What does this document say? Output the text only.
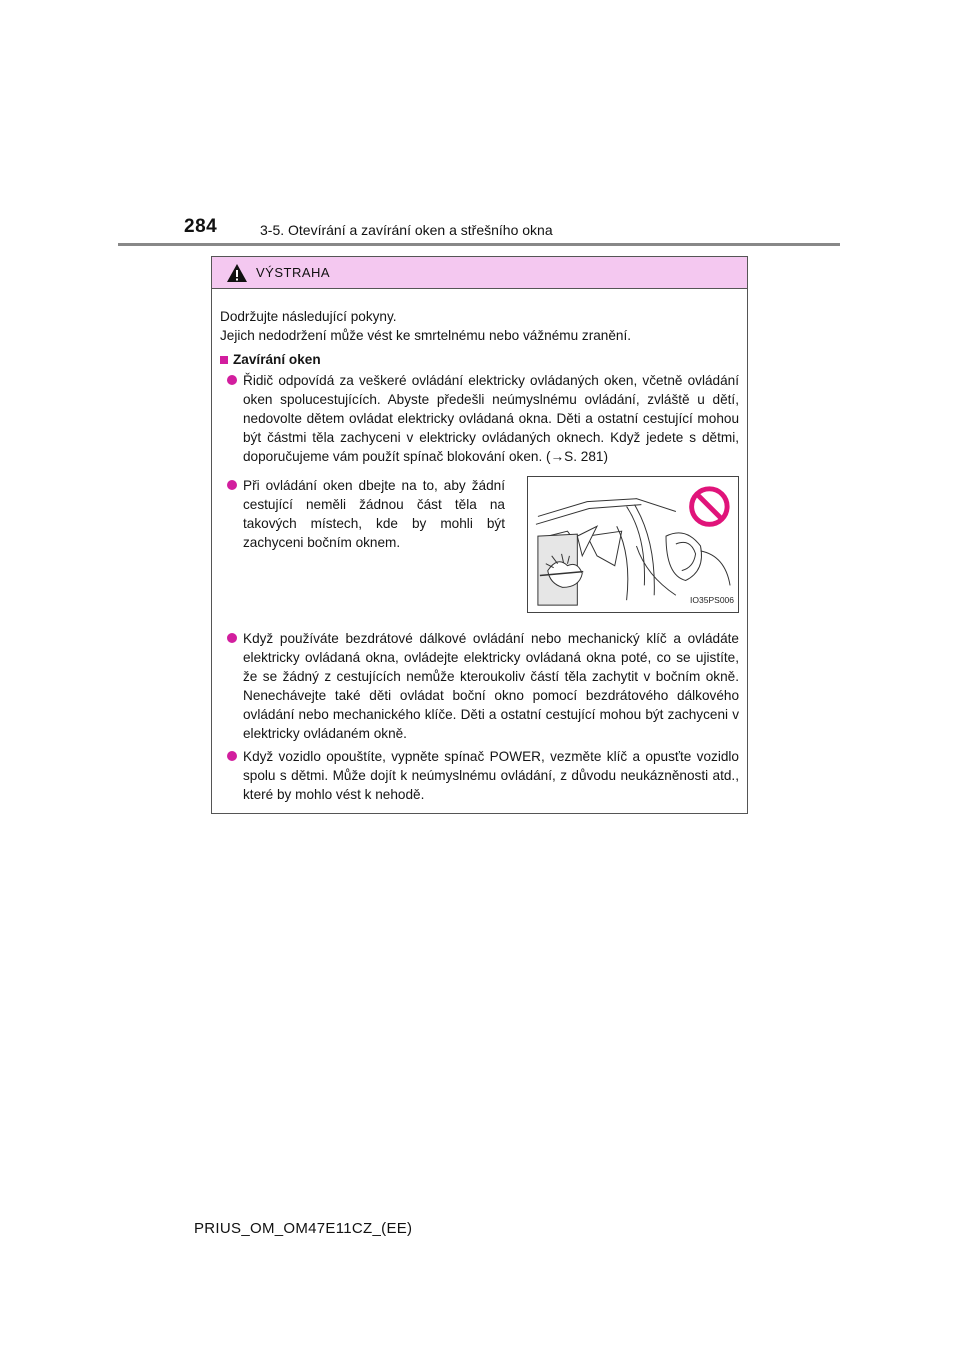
284	3-5. Otevírání a zavírání oken a střešního okna
VÝSTRAHA

Dodržujte následující pokyny.

Jejich nedodržení může vést ke smrtelnému nebo vážnému zranění.

Zavírání oken
Řidič odpovídá za veškeré ovládání elektricky ovládaných oken, včetně ovládání oken spolucestujících. Abyste předešli neúmyslnému ovládání, zvláště u dětí, nedovolte dětem ovládat elektricky ovládaná okna. Děti a ostatní cestující mohou být částmi těla zachyceni v elektricky ovládaných oknech. Když jedete s dětmi, doporučujeme vám použít spínač blokování oken. (→S. 281)
Při ovládání oken dbejte na to, aby žádní cestující neměli žádnou část těla na takových místech, kde by mohli být zachyceni bočním oknem.
IO35PS006
Když používáte bezdrátové dálkové ovládání nebo mechanický klíč a ovládáte elektricky ovládaná okna, ovládejte elektricky ovládaná okna poté, co se ujistíte, že se žádný z cestujících nemůže kteroukoliv částí těla zachytit v bočním okně. Nenechávejte také děti ovládat boční okno pomocí bezdrátového dálkového ovládání nebo mechanického klíče. Děti a ostatní cestující mohou být zachyceni v elektricky ovládaném okně.
Když vozidlo opouštíte, vypněte spínač POWER, vezměte klíč a opusťte vozidlo spolu s dětmi. Může dojít k neúmyslnému ovládání, z důvodu neukázněnosti atd., které by mohlo vést k nehodě.
PRIUS_OM_OM47E11CZ_(EE)
